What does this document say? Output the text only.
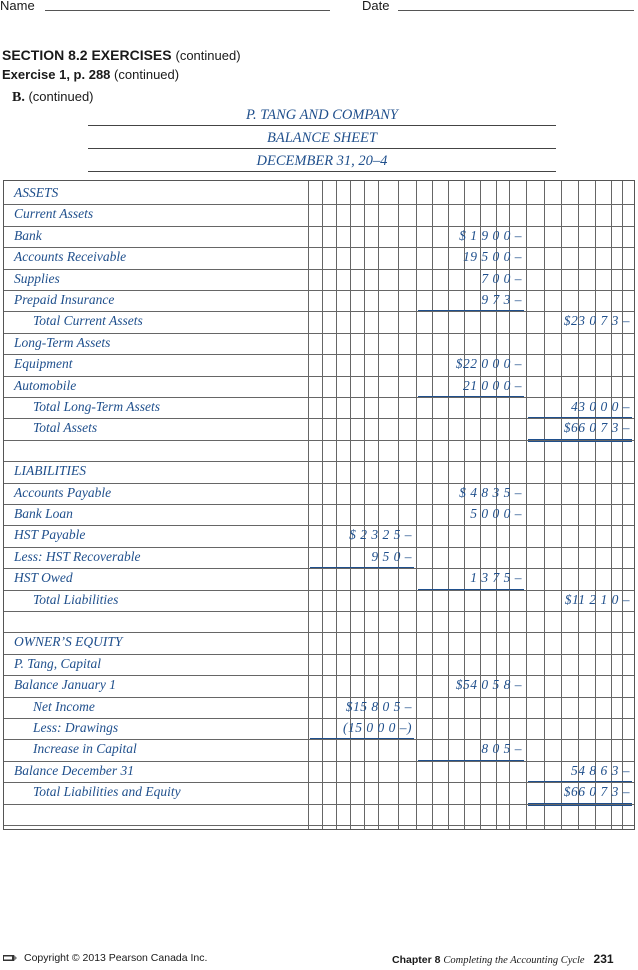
Name	Date
SECTION 8.2 EXERCISES (continued)
Exercise 1, p. 288 (continued)
B. (continued)
P. TANG AND COMPANY
BALANCE SHEET
DECEMBER 31, 20–4
ASSETS
Current Assets
Bank	$ 1 9 0 0 –
Accounts Receivable	19 5 0 0 –
Supplies	7 0 0 –
Prepaid Insurance	9 7 3 –
Total Current Assets	$23 0 7 3 –
Long-Term Assets
Equipment	$22 0 0 0 –
Automobile	21 0 0 0 –
Total Long-Term Assets	43 0 0 0 –
Total Assets	$66 0 7 3 –
LIABILITIES
Accounts Payable	$ 4 8 3 5 –
Bank Loan	5 0 0 0 –
HST Payable	$ 2 3 2 5 –
Less: HST Recoverable	9 5 0 –
HST Owed	1 3 7 5 –
Total Liabilities	$11 2 1 0 –
OWNER’S EQUITY
P. Tang, Capital
Balance January 1	$54 0 5 8 –
Net Income	$15 8 0 5 –
Less: Drawings	(15 0 0 0 –)
Increase in Capital	8 0 5 –
Balance December 31	54 8 6 3 –
Total Liabilities and Equity	$66 0 7 3 –
Copyright © 2013 Pearson Canada Inc.	Chapter 8 Completing the Accounting Cycle 231
